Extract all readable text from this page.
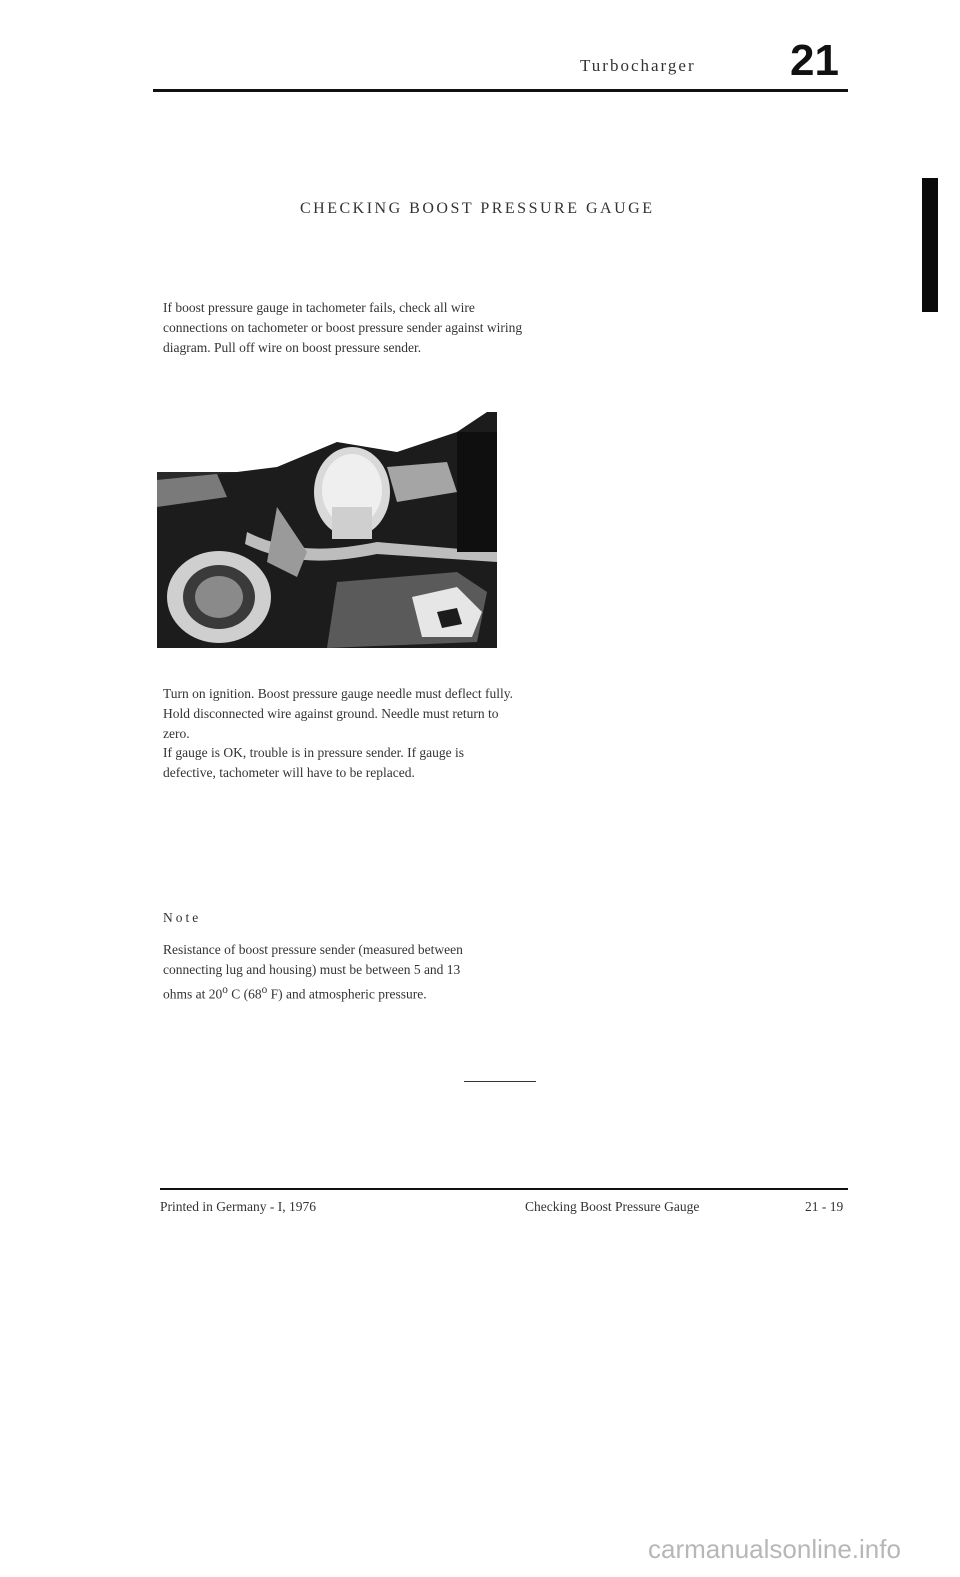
Turbocharger 21
CHECKING BOOST PRESSURE GAUGE

If boost pressure gauge in tachometer fails, check all wire connections on tachometer or boost pressure sender against wiring diagram. Pull off wire on boost pressure sender.

Turn on ignition. Boost pressure gauge needle must deflect fully. Hold disconnected wire against ground. Needle must return to zero.

If gauge is OK, trouble is in pressure sender. If gauge is defective, tachometer will have to be replaced.

Note

Resistance of boost pressure sender (measured between connecting lug and housing) must be between 5 and 13 ohms at 20$^o$ C (68$^o$ F) and atmospheric pressure.

Printed in Germany - I, 1976	Checking Boost Pressure Gauge	21 - 19
carmanualsonline.info
